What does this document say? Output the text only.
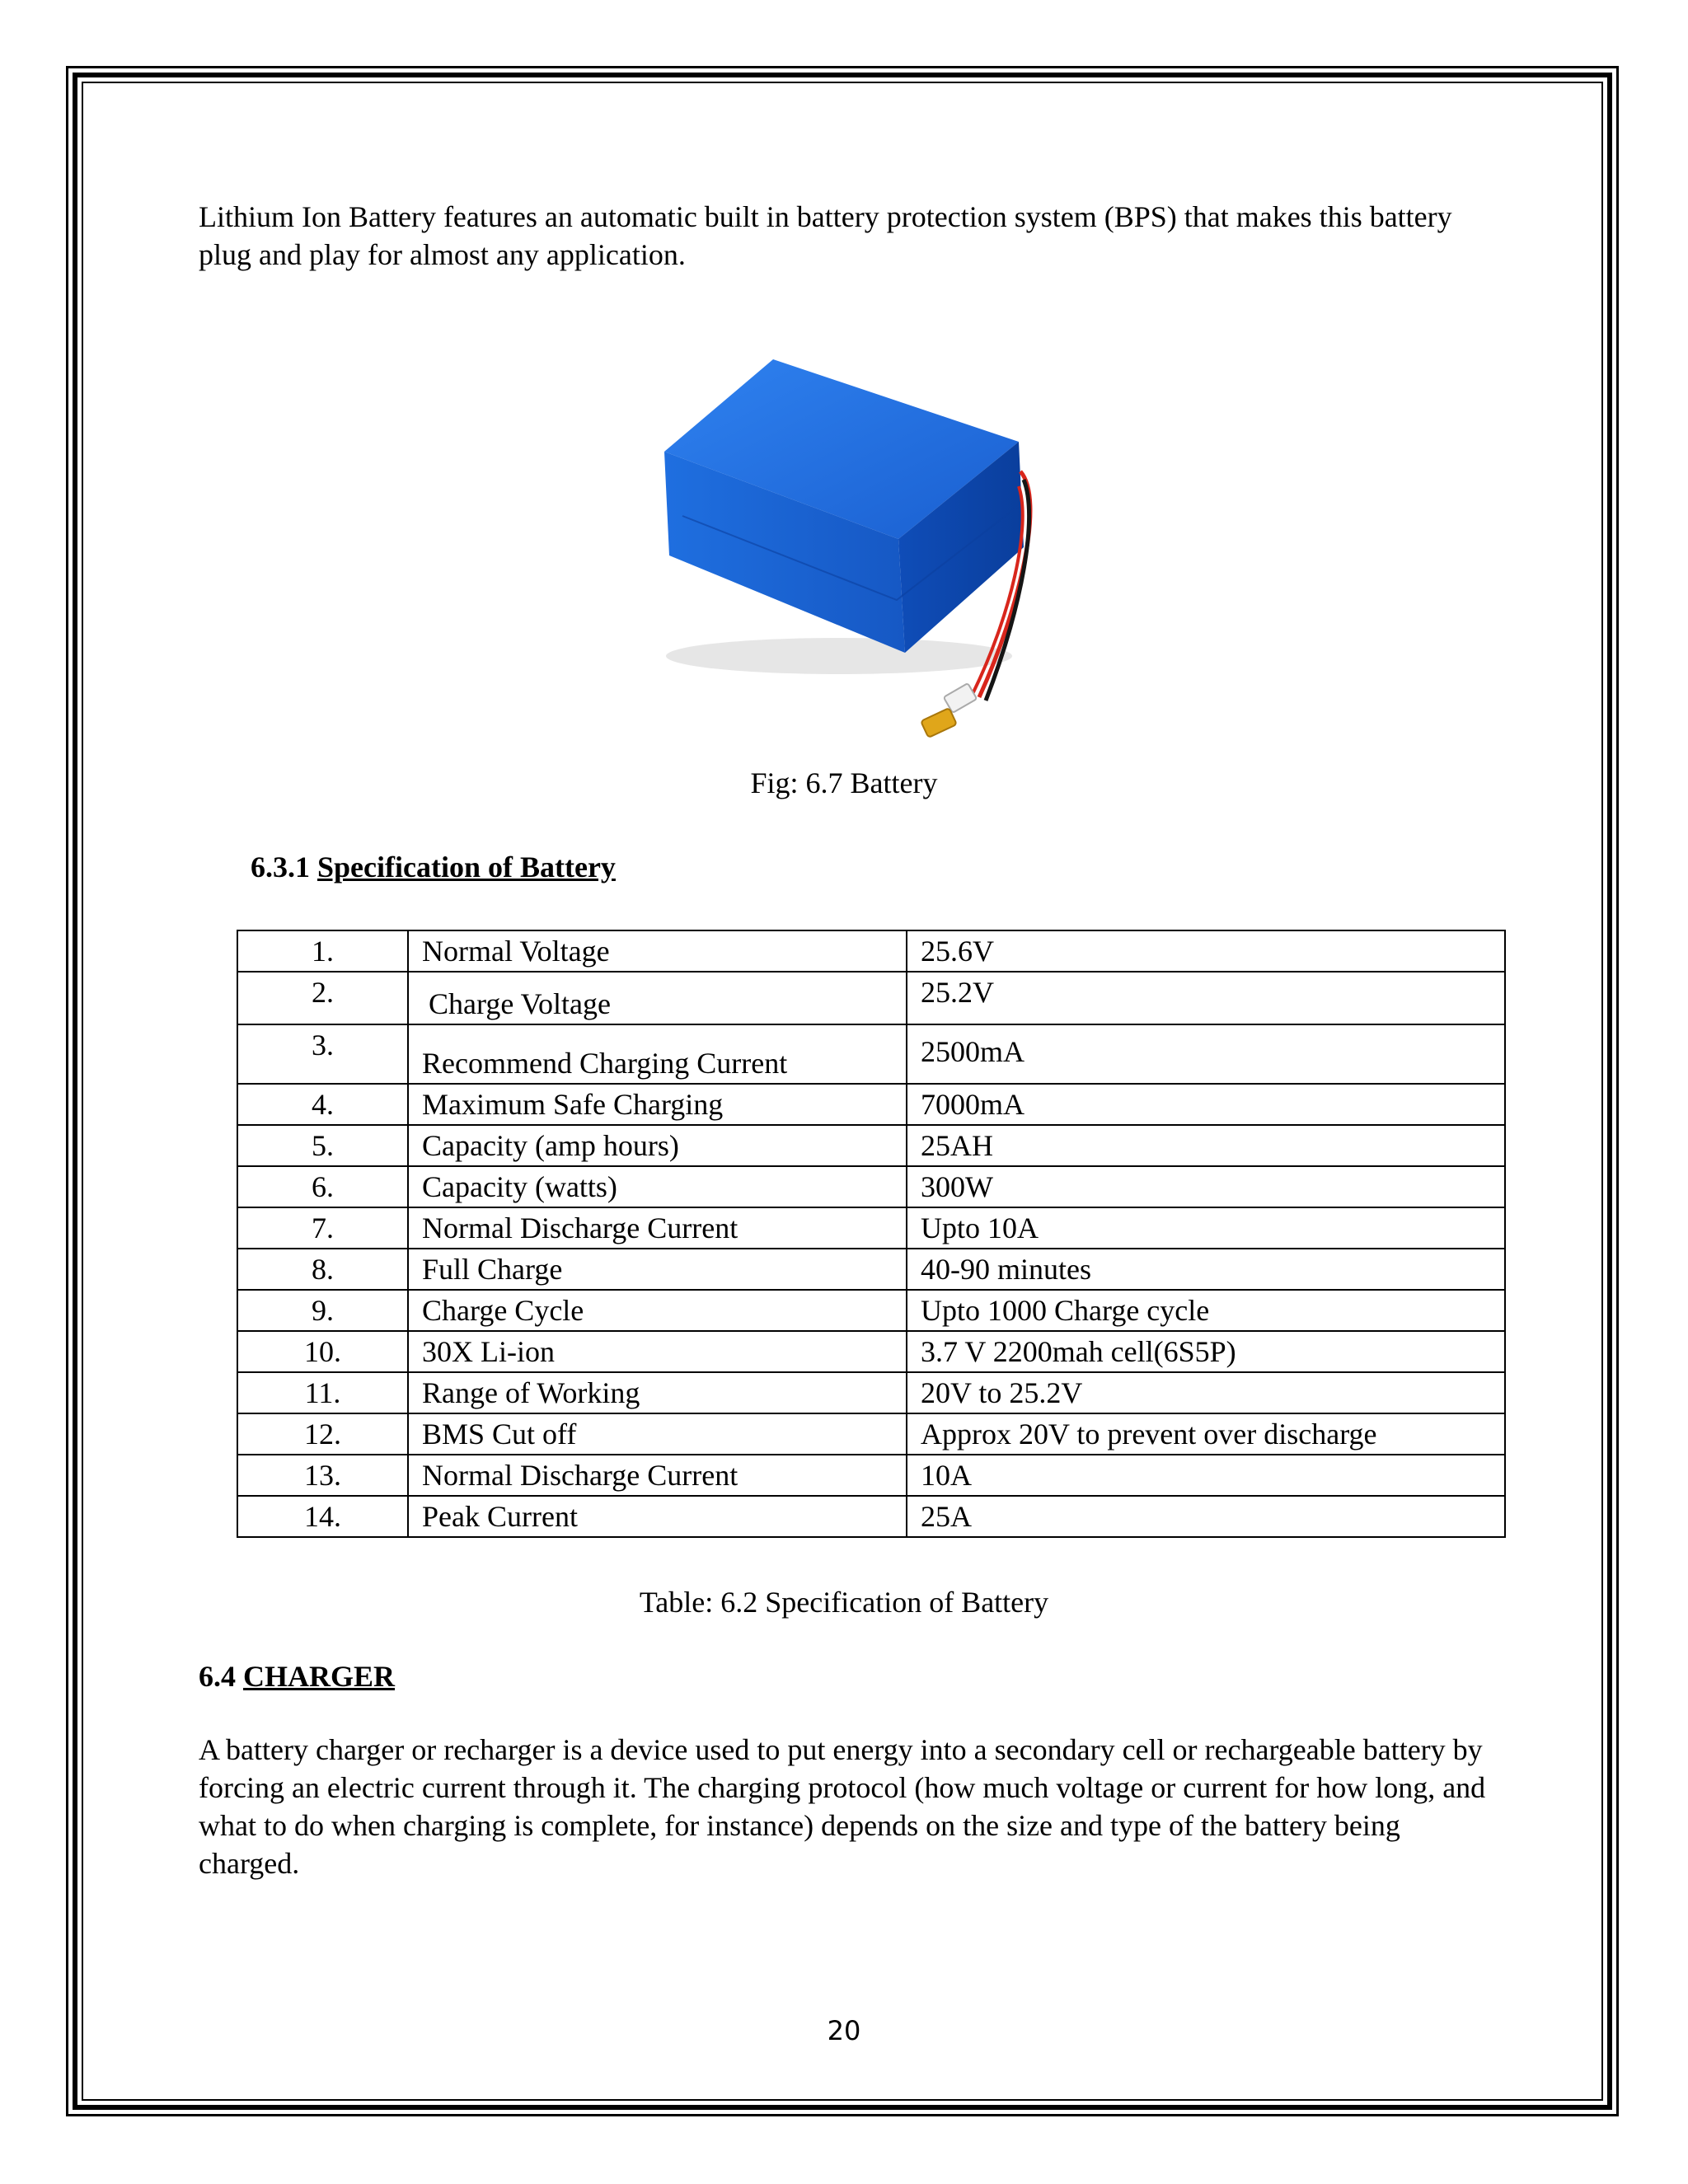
Lithium Ion Battery features an automatic built in battery protection system (BPS) that makes this battery plug and play for almost any application.

Fig: 6.7 Battery
6.3.1 Specification of Battery
1.	Normal Voltage	25.6V
2.	Charge Voltage	25.2V
3.	Recommend Charging Current	2500mA
4.	Maximum Safe Charging	7000mA
5.	Capacity (amp hours)	25AH
6.	Capacity (watts)	300W
7.	Normal Discharge Current	Upto 10A
8.	Full Charge	40-90 minutes
9.	Charge Cycle	Upto 1000 Charge cycle
10.	30X Li-ion	3.7 V 2200mah cell(6S5P)
11.	Range of Working	20V to 25.2V
12.	BMS Cut off	Approx 20V to prevent over discharge
13.	Normal Discharge Current	10A
14.	Peak Current	25A
Table: 6.2 Specification of Battery
6.4 CHARGER

A battery charger or recharger is a device used to put energy into a secondary cell or rechargeable battery by forcing an electric current through it. The charging protocol (how much voltage or current for how long, and what to do when charging is complete, for instance) depends on the size and type of the battery being charged.

20
